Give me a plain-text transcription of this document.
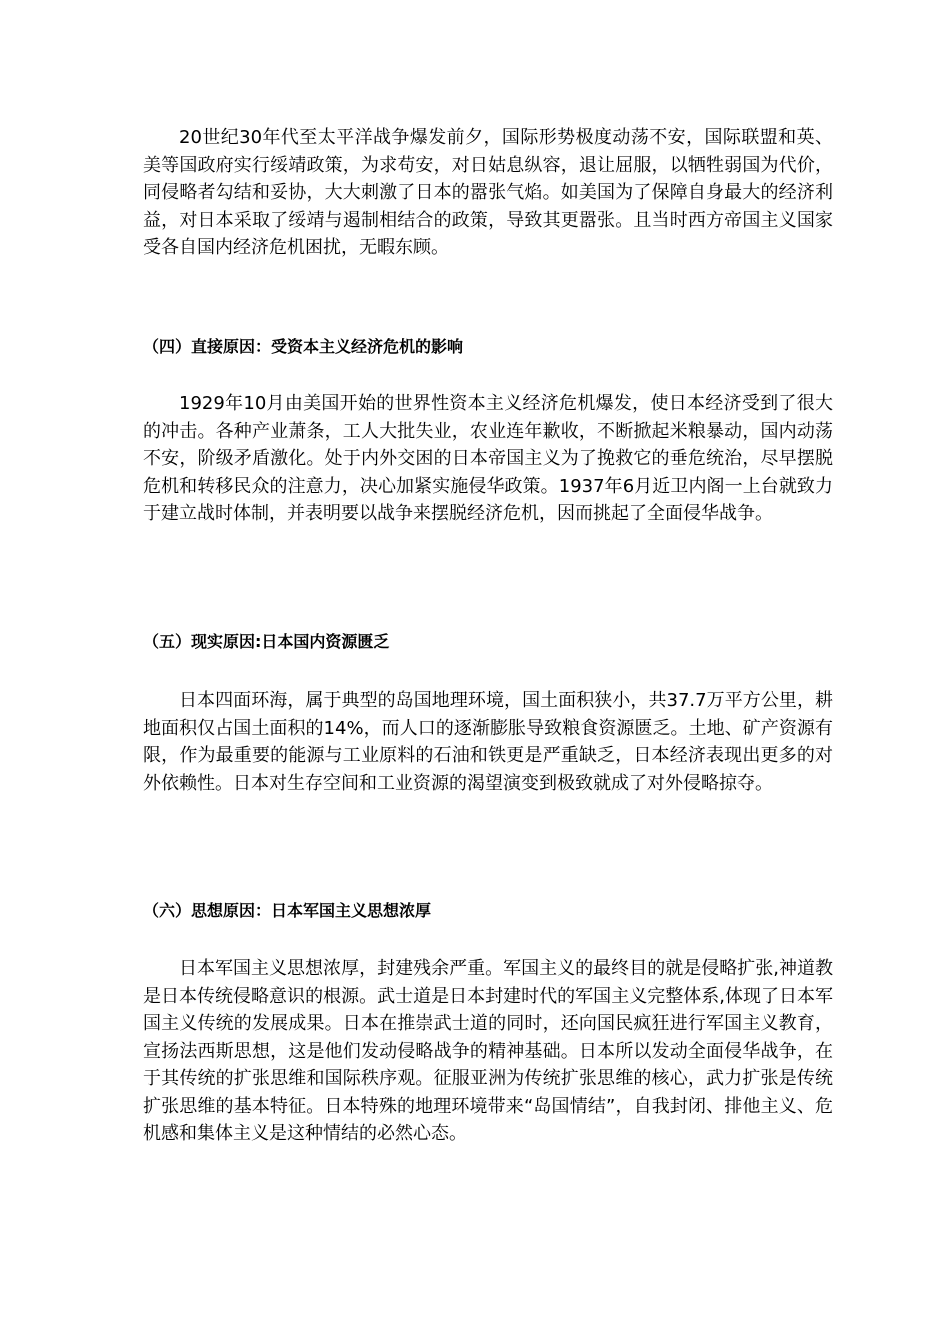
20世纪30年代至太平洋战争爆发前夕，国际形势极度动荡不安，国际联盟和英、美等国政府实行绥靖政策，为求苟安，对日姑息纵容，退让屈服，以牺牲弱国为代价，同侵略者勾结和妥协，大大刺激了日本的嚣张气焰。如美国为了保障自身最大的经济利益，对日本采取了绥靖与遏制相结合的政策，导致其更嚣张。且当时西方帝国主义国家受各自国内经济危机困扰，无暇东顾。

（四）直接原因：受资本主义经济危机的影响

1929年10月由美国开始的世界性资本主义经济危机爆发，使日本经济受到了很大的冲击。各种产业萧条，工人大批失业，农业连年歉收，不断掀起米粮暴动，国内动荡不安，阶级矛盾激化。处于内外交困的日本帝国主义为了挽救它的垂危统治，尽早摆脱危机和转移民众的注意力，决心加紧实施侵华政策。1937年6月近卫内阁一上台就致力于建立战时体制，并表明要以战争来摆脱经济危机，因而挑起了全面侵华战争。

（五）现实原因:日本国内资源匮乏

日本四面环海，属于典型的岛国地理环境，国土面积狭小，共37.7万平方公里，耕地面积仅占国土面积的14%，而人口的逐渐膨胀导致粮食资源匮乏。土地、矿产资源有限，作为最重要的能源与工业原料的石油和铁更是严重缺乏，日本经济表现出更多的对外依赖性。日本对生存空间和工业资源的渴望演变到极致就成了对外侵略掠夺。

（六）思想原因：日本军国主义思想浓厚

日本军国主义思想浓厚，封建残余严重。军国主义的最终目的就是侵略扩张,神道教是日本传统侵略意识的根源。武士道是日本封建时代的军国主义完整体系,体现了日本军国主义传统的发展成果。日本在推崇武士道的同时，还向国民疯狂进行军国主义教育，宣扬法西斯思想，这是他们发动侵略战争的精神基础。日本所以发动全面侵华战争，在于其传统的扩张思维和国际秩序观。征服亚洲为传统扩张思维的核心，武力扩张是传统扩张思维的基本特征。日本特殊的地理环境带来“岛国情结”，自我封闭、排他主义、危机感和集体主义是这种情结的必然心态。
